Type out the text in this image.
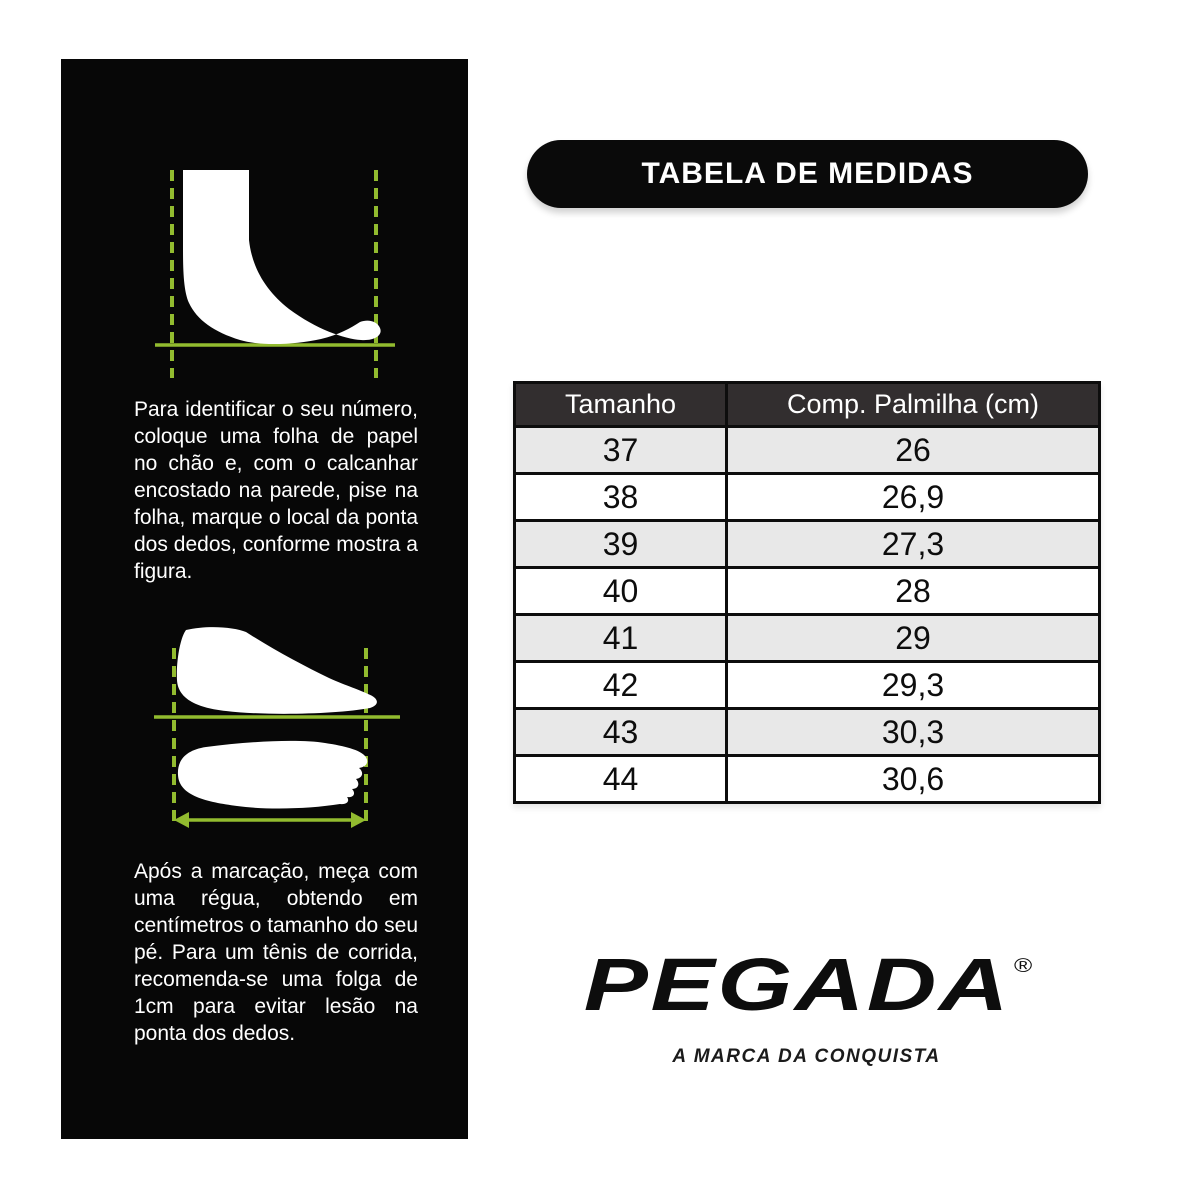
Para identificar o seu número,
coloque uma folha de papel
no chão e, com o calcanhar
encostado na parede, pise na
folha, marque o local da ponta
dos dedos, conforme mostra a
figura.
Após a marcação, meça com
uma régua, obtendo em
centímetros o tamanho do seu
pé. Para um tênis de corrida,
recomenda-se uma folga de
1cm para evitar lesão na
ponta dos dedos.
TABELA DE MEDIDAS
Tamanho	Comp. Palmilha (cm)
37	26
38	26,9
39	27,3
40	28
41	29
42	29,3
43	30,3
44	30,6
PEGADA ®
A MARCA DA CONQUISTA
